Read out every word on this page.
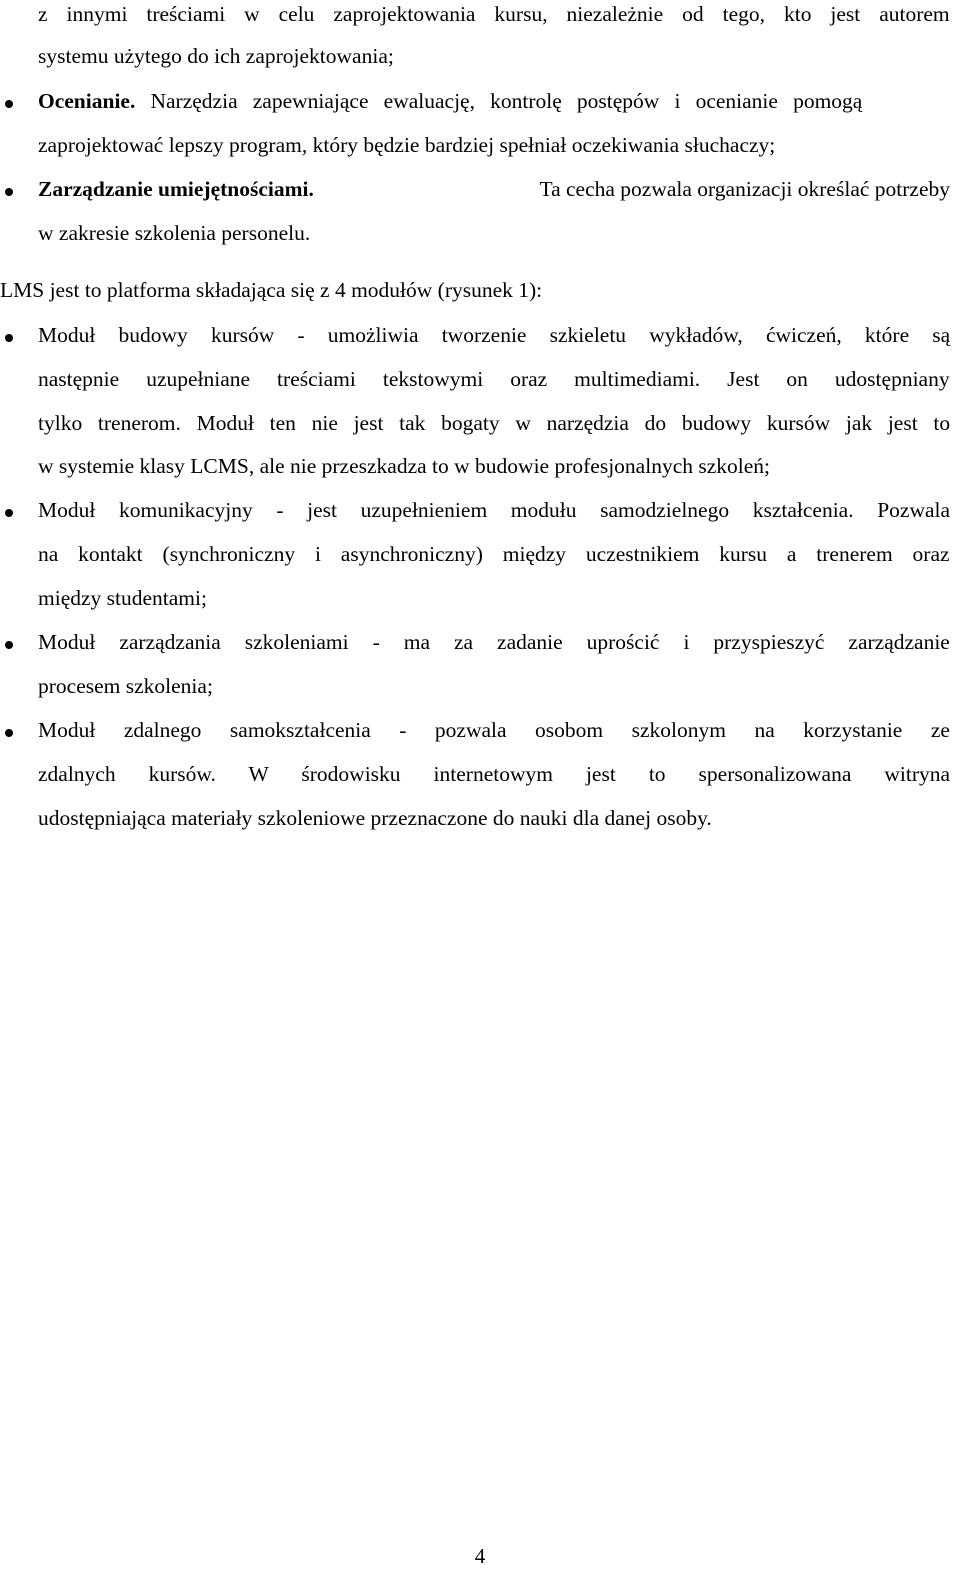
z innymi treściami w celu zaprojektowania kursu, niezależnie od tego, kto jest autorem
systemu użytego do ich zaprojektowania;
Ocenianie. Narzędzia zapewniające ewaluację, kontrolę postępów i ocenianie pomogą
zaprojektować lepszy program, który będzie bardziej spełniał oczekiwania słuchaczy;
Zarządzanie umiejętnościami.	Ta cecha pozwala organizacji określać potrzeby
w zakresie szkolenia personelu.
LMS jest to platforma składająca się z 4 modułów (rysunek 1):
Moduł budowy kursów - umożliwia tworzenie szkieletu wykładów, ćwiczeń, które są
następnie uzupełniane treściami tekstowymi oraz multimediami. Jest on udostępniany
tylko trenerom. Moduł ten nie jest tak bogaty w narzędzia do budowy kursów jak jest to
w systemie klasy LCMS, ale nie przeszkadza to w budowie profesjonalnych szkoleń;
Moduł komunikacyjny - jest uzupełnieniem modułu samodzielnego kształcenia. Pozwala
na kontakt (synchroniczny i asynchroniczny) między uczestnikiem kursu a trenerem oraz
między studentami;
Moduł zarządzania szkoleniami - ma za zadanie uprościć i przyspieszyć zarządzanie
procesem szkolenia;
Moduł zdalnego samokształcenia - pozwala osobom szkolonym na korzystanie ze
zdalnych kursów. W środowisku internetowym jest to spersonalizowana witryna
udostępniająca materiały szkoleniowe przeznaczone do nauki dla danej osoby.
4
